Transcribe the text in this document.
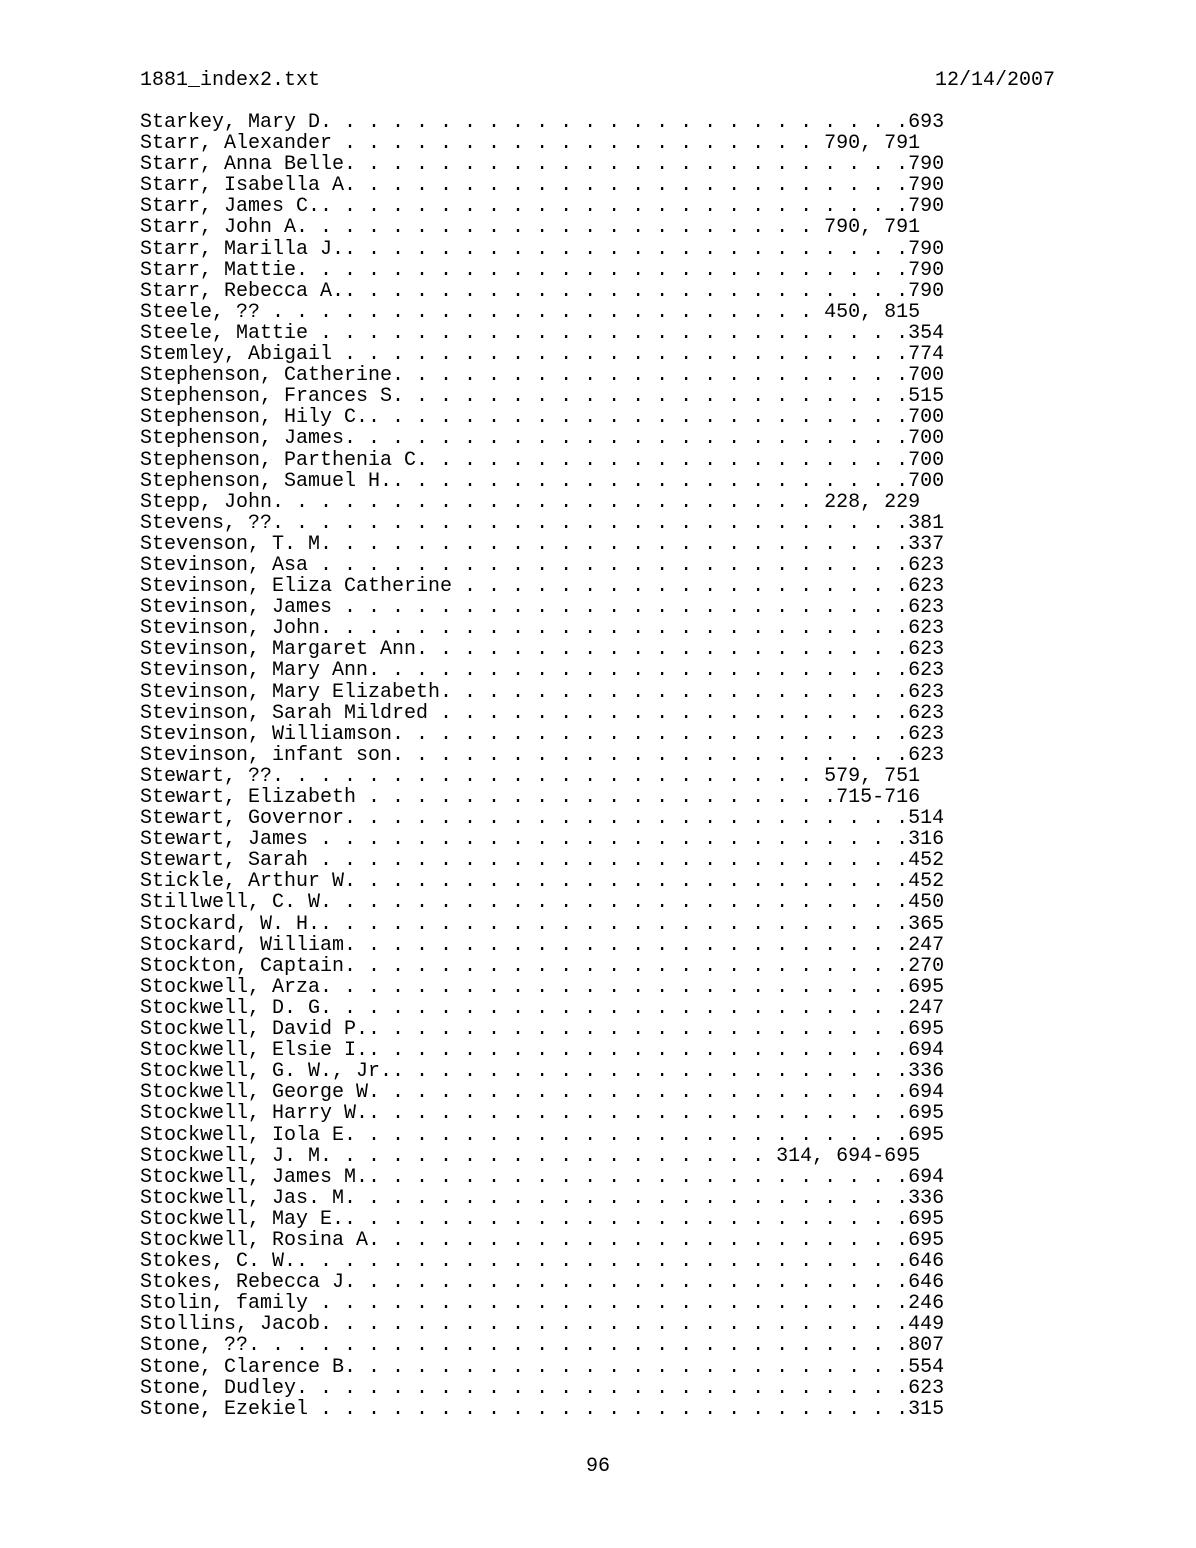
1881_index2.txt	12/14/2007
Starkey, Mary D. . . . . . . . . . . . . . . . . . . . . . . . .693
Starr, Alexander . . . . . . . . . . . . . . . . . . . . 790, 791
Starr, Anna Belle. . . . . . . . . . . . . . . . . . . . . . . .790
Starr, Isabella A. . . . . . . . . . . . . . . . . . . . . . . .790
Starr, James C.. . . . . . . . . . . . . . . . . . . . . . . . .790
Starr, John A. . . . . . . . . . . . . . . . . . . . . . 790, 791
Starr, Marilla J.. . . . . . . . . . . . . . . . . . . . . . . .790
Starr, Mattie. . . . . . . . . . . . . . . . . . . . . . . . . .790
Starr, Rebecca A.. . . . . . . . . . . . . . . . . . . . . . . .790
Steele, ?? . . . . . . . . . . . . . . . . . . . . . . . 450, 815
Steele, Mattie . . . . . . . . . . . . . . . . . . . . . . . . .354
Stemley, Abigail . . . . . . . . . . . . . . . . . . . . . . . .774
Stephenson, Catherine. . . . . . . . . . . . . . . . . . . . . .700
Stephenson, Frances S. . . . . . . . . . . . . . . . . . . . . .515
Stephenson, Hily C.. . . . . . . . . . . . . . . . . . . . . . .700
Stephenson, James. . . . . . . . . . . . . . . . . . . . . . . .700
Stephenson, Parthenia C. . . . . . . . . . . . . . . . . . . . .700
Stephenson, Samuel H.. . . . . . . . . . . . . . . . . . . . . .700
Stepp, John. . . . . . . . . . . . . . . . . . . . . . . 228, 229
Stevens, ??. . . . . . . . . . . . . . . . . . . . . . . . . . .381
Stevenson, T. M. . . . . . . . . . . . . . . . . . . . . . . . .337
Stevinson, Asa . . . . . . . . . . . . . . . . . . . . . . . . .623
Stevinson, Eliza Catherine . . . . . . . . . . . . . . . . . . .623
Stevinson, James . . . . . . . . . . . . . . . . . . . . . . . .623
Stevinson, John. . . . . . . . . . . . . . . . . . . . . . . . .623
Stevinson, Margaret Ann. . . . . . . . . . . . . . . . . . . . .623
Stevinson, Mary Ann. . . . . . . . . . . . . . . . . . . . . . .623
Stevinson, Mary Elizabeth. . . . . . . . . . . . . . . . . . . .623
Stevinson, Sarah Mildred . . . . . . . . . . . . . . . . . . . .623
Stevinson, Williamson. . . . . . . . . . . . . . . . . . . . . .623
Stevinson, infant son. . . . . . . . . . . . . . . . . . . . . .623
Stewart, ??. . . . . . . . . . . . . . . . . . . . . . . 579, 751
Stewart, Elizabeth . . . . . . . . . . . . . . . . . . . .715-716
Stewart, Governor. . . . . . . . . . . . . . . . . . . . . . . .514
Stewart, James . . . . . . . . . . . . . . . . . . . . . . . . .316
Stewart, Sarah . . . . . . . . . . . . . . . . . . . . . . . . .452
Stickle, Arthur W. . . . . . . . . . . . . . . . . . . . . . . .452
Stillwell, C. W. . . . . . . . . . . . . . . . . . . . . . . . .450
Stockard, W. H.. . . . . . . . . . . . . . . . . . . . . . . . .365
Stockard, William. . . . . . . . . . . . . . . . . . . . . . . .247
Stockton, Captain. . . . . . . . . . . . . . . . . . . . . . . .270
Stockwell, Arza. . . . . . . . . . . . . . . . . . . . . . . . .695
Stockwell, D. G. . . . . . . . . . . . . . . . . . . . . . . . .247
Stockwell, David P.. . . . . . . . . . . . . . . . . . . . . . .695
Stockwell, Elsie I.. . . . . . . . . . . . . . . . . . . . . . .694
Stockwell, G. W., Jr.. . . . . . . . . . . . . . . . . . . . . .336
Stockwell, George W. . . . . . . . . . . . . . . . . . . . . . .694
Stockwell, Harry W.. . . . . . . . . . . . . . . . . . . . . . .695
Stockwell, Iola E. . . . . . . . . . . . . . . . . . . . . . . .695
Stockwell, J. M. . . . . . . . . . . . . . . . . . . 314, 694-695
Stockwell, James M.. . . . . . . . . . . . . . . . . . . . . . .694
Stockwell, Jas. M. . . . . . . . . . . . . . . . . . . . . . . .336
Stockwell, May E.. . . . . . . . . . . . . . . . . . . . . . . .695
Stockwell, Rosina A. . . . . . . . . . . . . . . . . . . . . . .695
Stokes, C. W.. . . . . . . . . . . . . . . . . . . . . . . . . .646
Stokes, Rebecca J. . . . . . . . . . . . . . . . . . . . . . . .646
Stolin, family . . . . . . . . . . . . . . . . . . . . . . . . .246
Stollins, Jacob. . . . . . . . . . . . . . . . . . . . . . . . .449
Stone, ??. . . . . . . . . . . . . . . . . . . . . . . . . . . .807
Stone, Clarence B. . . . . . . . . . . . . . . . . . . . . . . .554
Stone, Dudley. . . . . . . . . . . . . . . . . . . . . . . . . .623
Stone, Ezekiel . . . . . . . . . . . . . . . . . . . . . . . . .315
96
